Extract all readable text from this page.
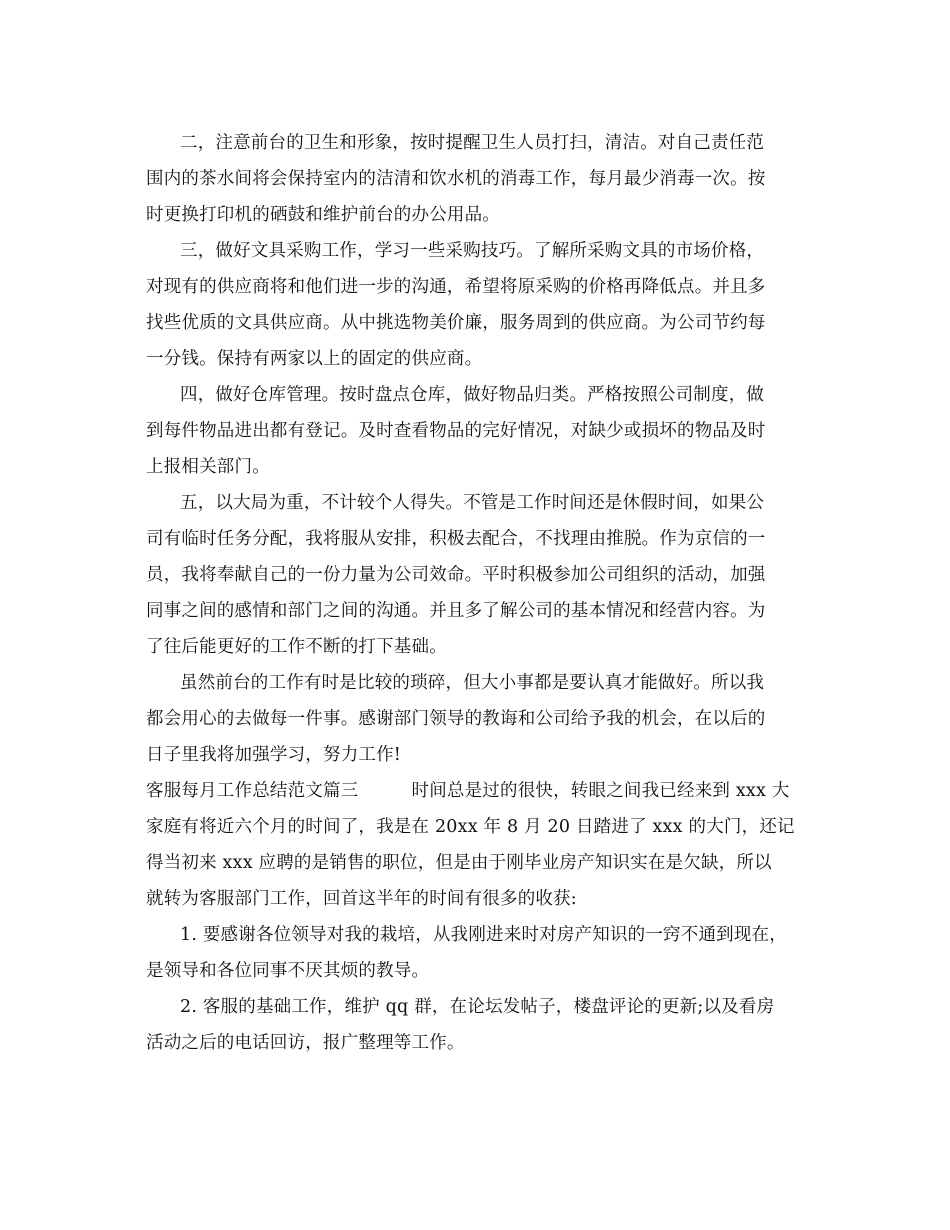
二，注意前台的卫生和形象，按时提醒卫生人员打扫，清洁。对自己责任范
围内的茶水间将会保持室内的洁清和饮水机的消毒工作，每月最少消毒一次。按
时更换打印机的硒鼓和维护前台的办公用品。
三，做好文具采购工作，学习一些采购技巧。了解所采购文具的市场价格，
对现有的供应商将和他们进一步的沟通，希望将原采购的价格再降低点。并且多
找些优质的文具供应商。从中挑选物美价廉，服务周到的供应商。为公司节约每
一分钱。保持有两家以上的固定的供应商。
四，做好仓库管理。按时盘点仓库，做好物品归类。严格按照公司制度，做
到每件物品进出都有登记。及时查看物品的完好情况，对缺少或损坏的物品及时
上报相关部门。
五，以大局为重，不计较个人得失。不管是工作时间还是休假时间，如果公
司有临时任务分配，我将服从安排，积极去配合，不找理由推脱。作为京信的一
员，我将奉献自己的一份力量为公司效命。平时积极参加公司组织的活动，加强
同事之间的感情和部门之间的沟通。并且多了解公司的基本情况和经营内容。为
了往后能更好的工作不断的打下基础。
虽然前台的工作有时是比较的琐碎，但大小事都是要认真才能做好。所以我
都会用心的去做每一件事。感谢部门领导的教诲和公司给予我的机会，在以后的
日子里我将加强学习，努力工作!
客服每月工作总结范文篇三　　　时间总是过的很快，转眼之间我已经来到 xxx 大
家庭有将近六个月的时间了，我是在 20xx 年 8 月 20 日踏进了 xxx 的大门，还记
得当初来 xxx 应聘的是销售的职位，但是由于刚毕业房产知识实在是欠缺，所以
就转为客服部门工作，回首这半年的时间有很多的收获:
1. 要感谢各位领导对我的栽培，从我刚进来时对房产知识的一窍不通到现在，
是领导和各位同事不厌其烦的教导。
2. 客服的基础工作，维护 qq 群，在论坛发帖子，楼盘评论的更新;以及看房
活动之后的电话回访，报广整理等工作。
